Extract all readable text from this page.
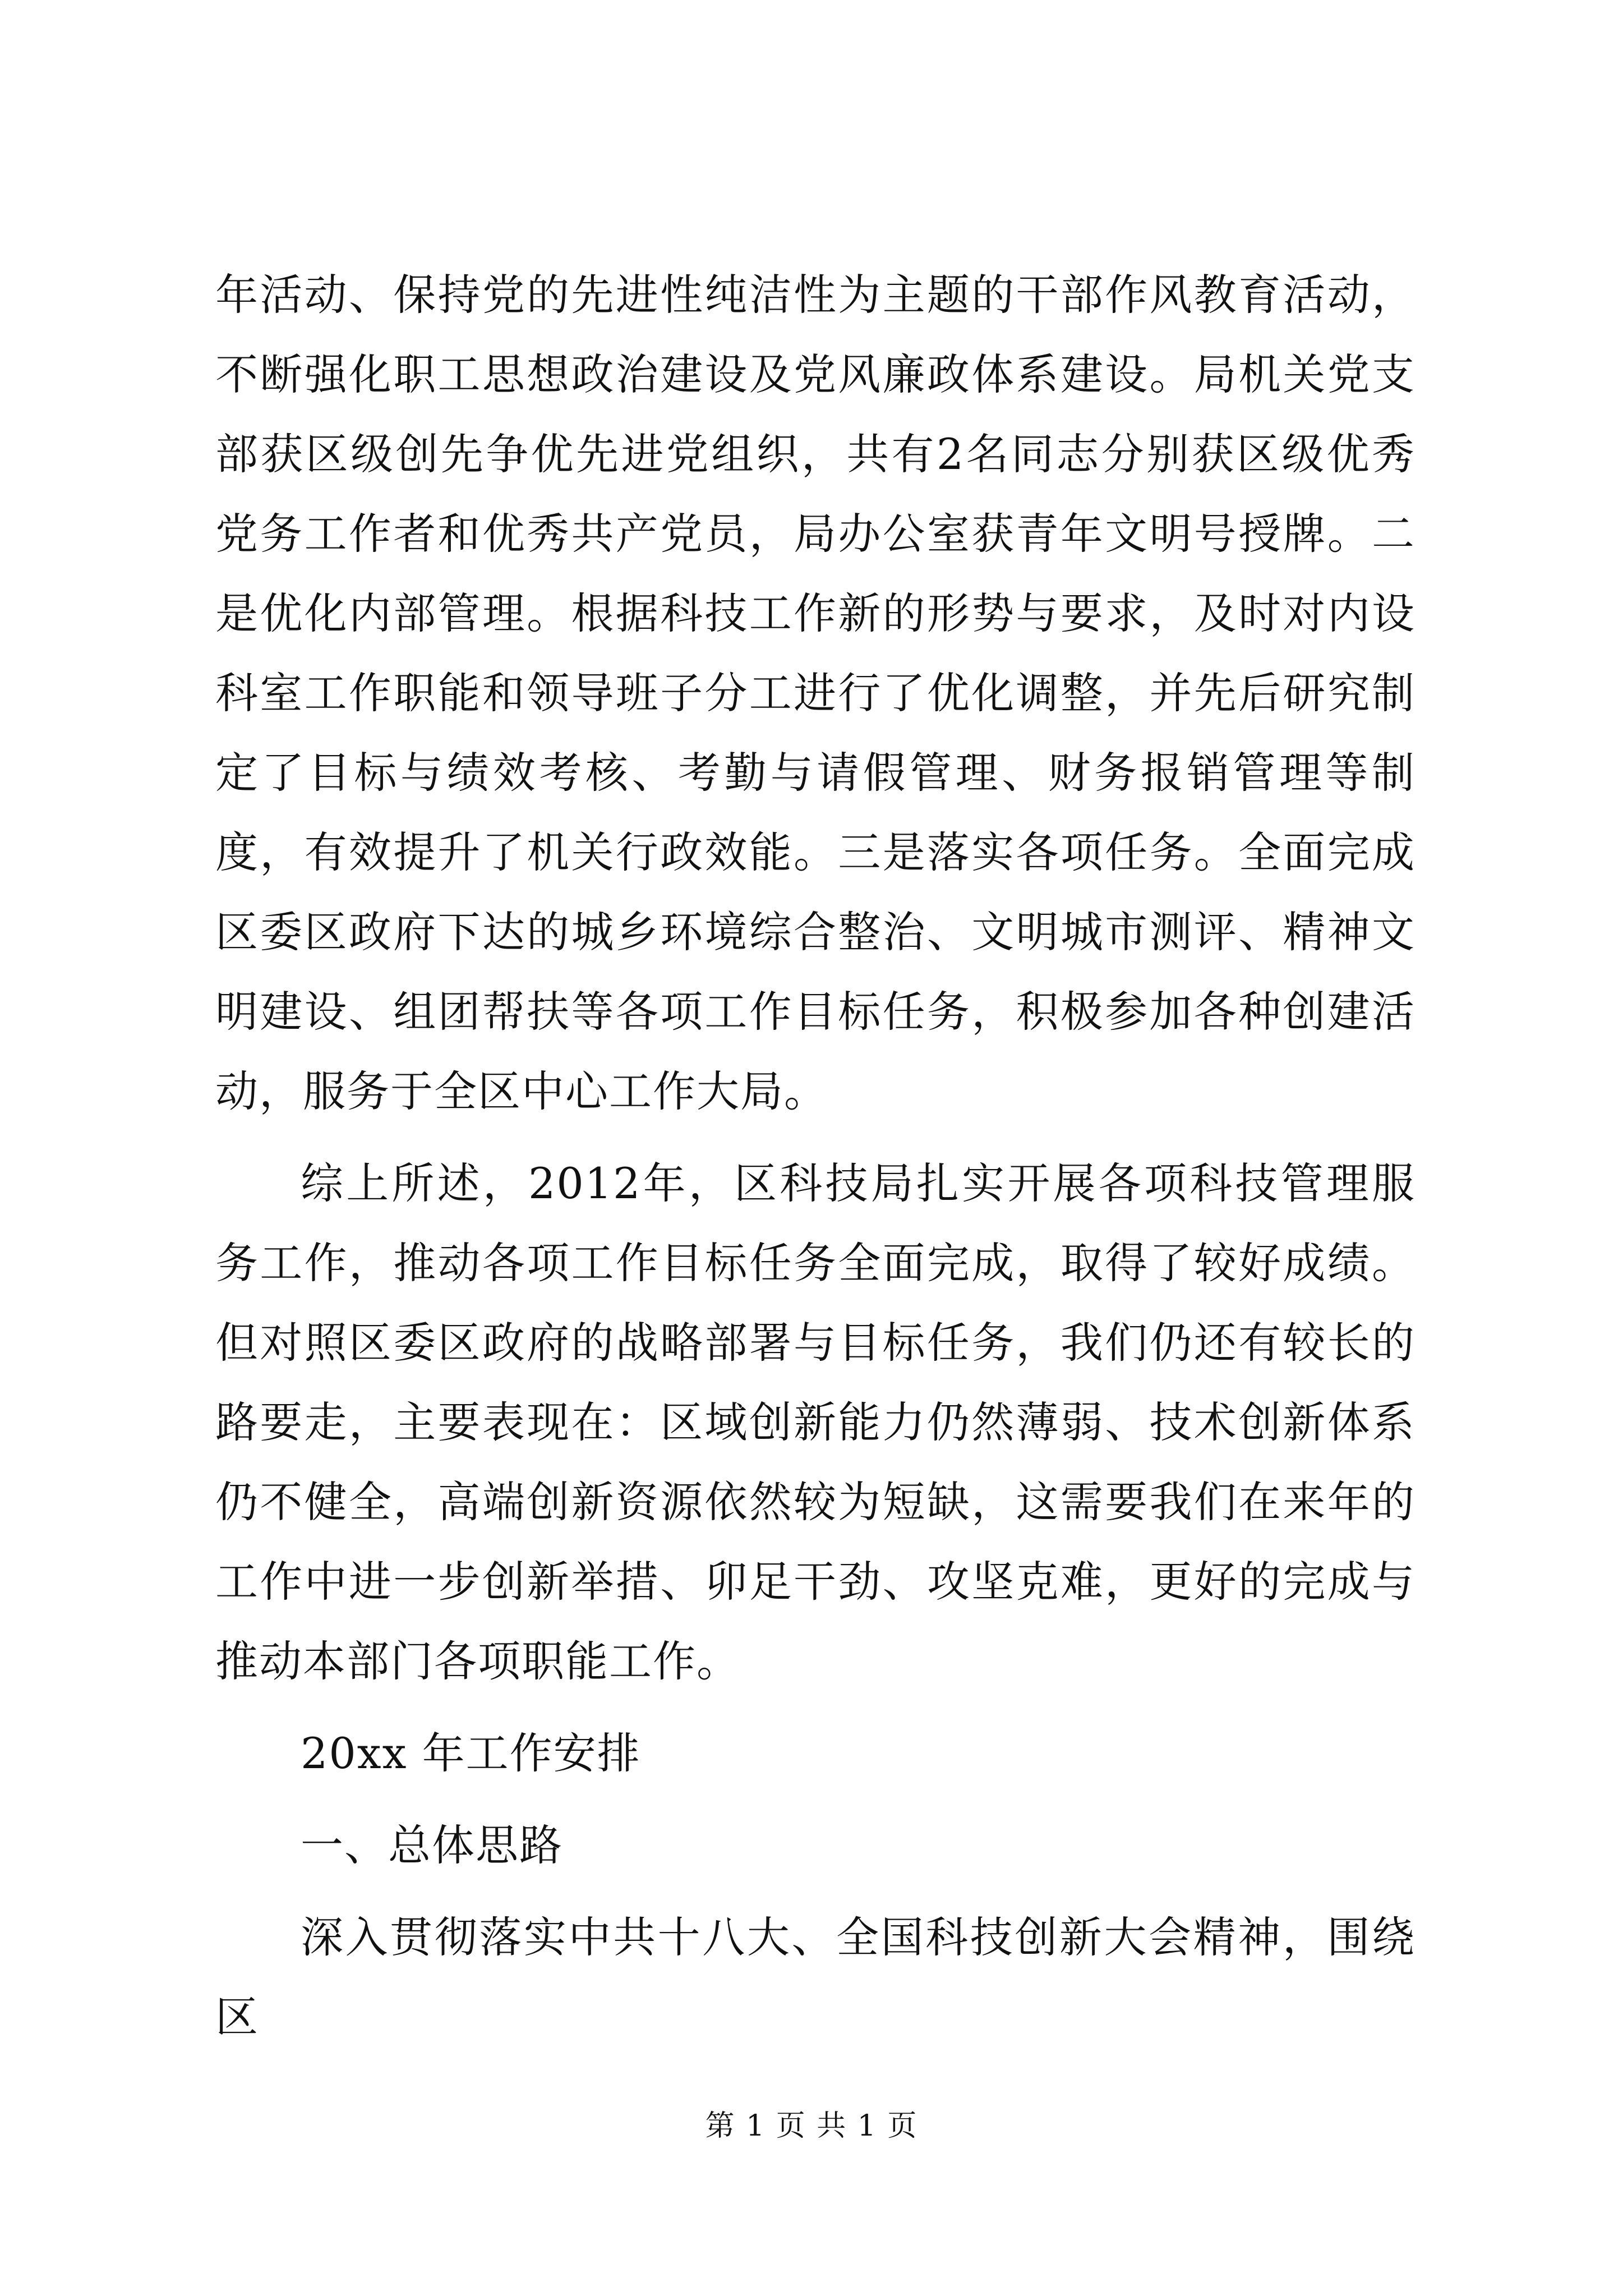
年活动、保持党的先进性纯洁性为主题的干部作风教育活动，不断强化职工思想政治建设及党风廉政体系建设。局机关党支部获区级创先争优先进党组织，共有2名同志分别获区级优秀党务工作者和优秀共产党员，局办公室获青年文明号授牌。二是优化内部管理。根据科技工作新的形势与要求，及时对内设科室工作职能和领导班子分工进行了优化调整，并先后研究制定了目标与绩效考核、考勤与请假管理、财务报销管理等制度，有效提升了机关行政效能。三是落实各项任务。全面完成区委区政府下达的城乡环境综合整治、文明城市测评、精神文明建设、组团帮扶等各项工作目标任务，积极参加各种创建活动，服务于全区中心工作大局。

综上所述，2012年，区科技局扎实开展各项科技管理服务工作，推动各项工作目标任务全面完成，取得了较好成绩。但对照区委区政府的战略部署与目标任务，我们仍还有较长的路要走，主要表现在：区域创新能力仍然薄弱、技术创新体系仍不健全，高端创新资源依然较为短缺，这需要我们在来年的工作中进一步创新举措、卯足干劲、攻坚克难，更好的完成与推动本部门各项职能工作。

20xx 年工作安排

一、总体思路

深入贯彻落实中共十八大、全国科技创新大会精神，围绕区

第 1 页 共 1 页
